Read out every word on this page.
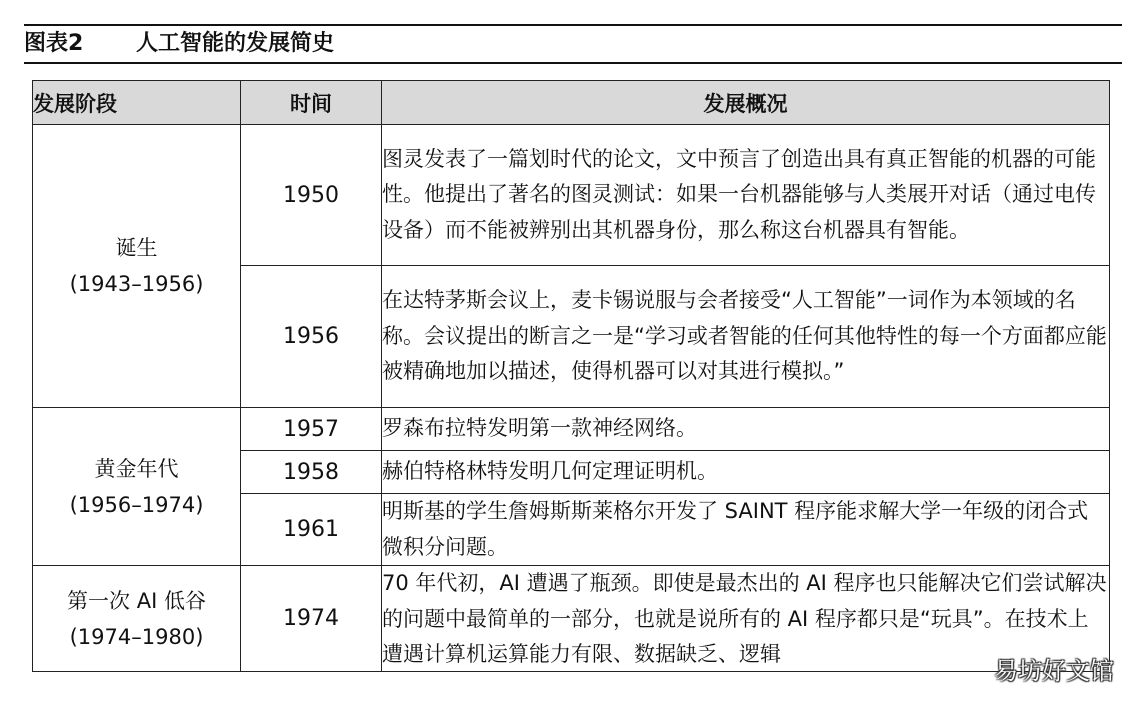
图表2 人工智能的发展简史
发展阶段	时间	发展概况

诞生
(1943–1956)	1950	图灵发表了一篇划时代的论文，文中预言了创造出具有真正智能的机器的可能性。他提出了著名的图灵测试：如果一台机器能够与人类展开对话（通过电传设备）而不能被辨别出其机器身份，那么称这台机器具有智能。
	1956	在达特茅斯会议上，麦卡锡说服与会者接受“人工智能”一词作为本领域的名称。会议提出的断言之一是“学习或者智能的任何其他特性的每一个方面都应能被精确地加以描述，使得机器可以对其进行模拟。”

黄金年代
(1956–1974)	1957	罗森布拉特发明第一款神经网络。
	1958	赫伯特格林特发明几何定理证明机。
	1961	明斯基的学生詹姆斯斯莱格尔开发了 SAINT 程序能求解大学一年级的闭合式微积分问题。

第一次 AI 低谷
(1974–1980)	1974	70 年代初，AI 遭遇了瓶颈。即使是最杰出的 AI 程序也只能解决它们尝试解决的问题中最简单的一部分，也就是说所有的 AI 程序都只是“玩具”。在技术上遭遇计算机运算能力有限、数据缺乏、逻辑
易坊好文馆
